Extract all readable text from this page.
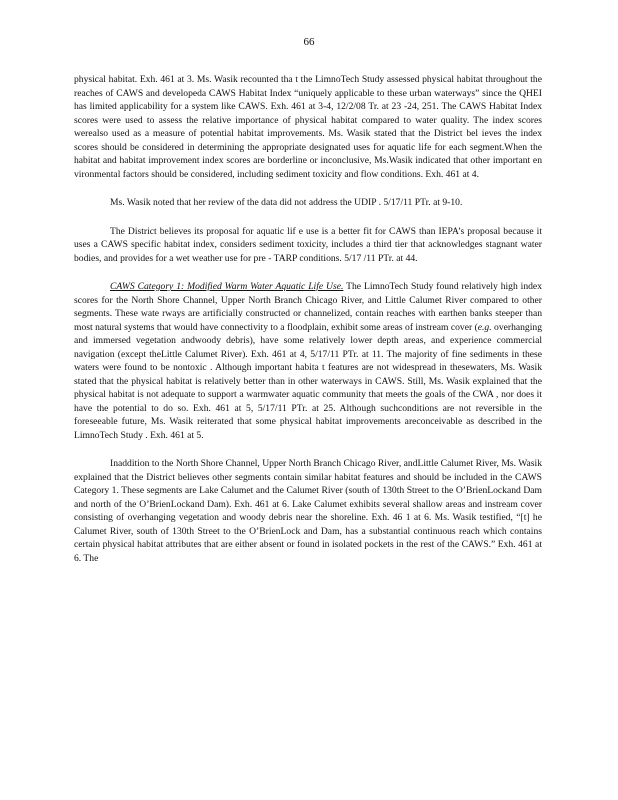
66

physical habitat. Exh. 461 at 3. Ms. Wasik recounted tha t the LimnoTech Study assessed physical habitat throughout the reaches of CAWS and developeda CAWS Habitat Index “uniquely applicable to these urban waterways” since the QHEI has limited applicability for a system like CAWS. Exh. 461 at 3-4, 12/2/08 Tr. at 23 -24, 251. The CAWS Habitat Index scores were used to assess the relative importance of physical habitat compared to water quality. The index scores werealso used as a measure of potential habitat improvements. Ms. Wasik stated that the District bel ieves the index scores should be considered in determining the appropriate designated uses for aquatic life for each segment.When the habitat and habitat improvement index scores are borderline or inconclusive, Ms.Wasik indicated that other important en vironmental factors should be considered, including sediment toxicity and flow conditions. Exh. 461 at 4.

Ms. Wasik noted that her review of the data did not address the UDIP . 5/17/11 PTr. at 9-10.

The District believes its proposal for aquatic lif e use is a better fit for CAWS than IEPA’s proposal because it uses a CAWS specific habitat index, considers sediment toxicity, includes a third tier that acknowledges stagnant water bodies, and provides for a wet weather use for pre - TARP conditions. 5/17 /11 PTr. at 44.

CAWS Category 1: Modified Warm Water Aquatic Life Use. The LimnoTech Study found relatively high index scores for the North Shore Channel, Upper North Branch Chicago River, and Little Calumet River compared to other segments. These wate rways are artificially constructed or channelized, contain reaches with earthen banks steeper than most natural systems that would have connectivity to a floodplain, exhibit some areas of instream cover (e.g. overhanging and immersed vegetation andwoody debris), have some relatively lower depth areas, and experience commercial navigation (except theLittle Calumet River). Exh. 461 at 4, 5/17/11 PTr. at 11. The majority of fine sediments in these waters were found to be nontoxic . Although important habita t features are not widespread in thesewaters, Ms. Wasik stated that the physical habitat is relatively better than in other waterways in CAWS. Still, Ms. Wasik explained that the physical habitat is not adequate to support a warmwater aquatic community that meets the goals of the CWA , nor does it have the potential to do so. Exh. 461 at 5, 5/17/11 PTr. at 25. Although suchconditions are not reversible in the foreseeable future, Ms. Wasik reiterated that some physical habitat improvements areconceivable as described in the LimnoTech Study . Exh. 461 at 5.

Inaddition to the North Shore Channel, Upper North Branch Chicago River, andLittle Calumet River, Ms. Wasik explained that the District believes other segments contain similar habitat features and should be included in the CAWS Category 1. These segments are Lake Calumet and the Calumet River (south of 130th Street to the O’BrienLockand Dam and north of the O’BrienLockand Dam). Exh. 461 at 6. Lake Calumet exhibits several shallow areas and instream cover consisting of overhanging vegetation and woody debris near the shoreline. Exh. 46 1 at 6. Ms. Wasik testified, “[t] he Calumet River, south of 130th Street to the O’BrienLock and Dam, has a substantial continuous reach which contains certain physical habitat attributes that are either absent or found in isolated pockets in the rest of the CAWS.” Exh. 461 at 6. The
